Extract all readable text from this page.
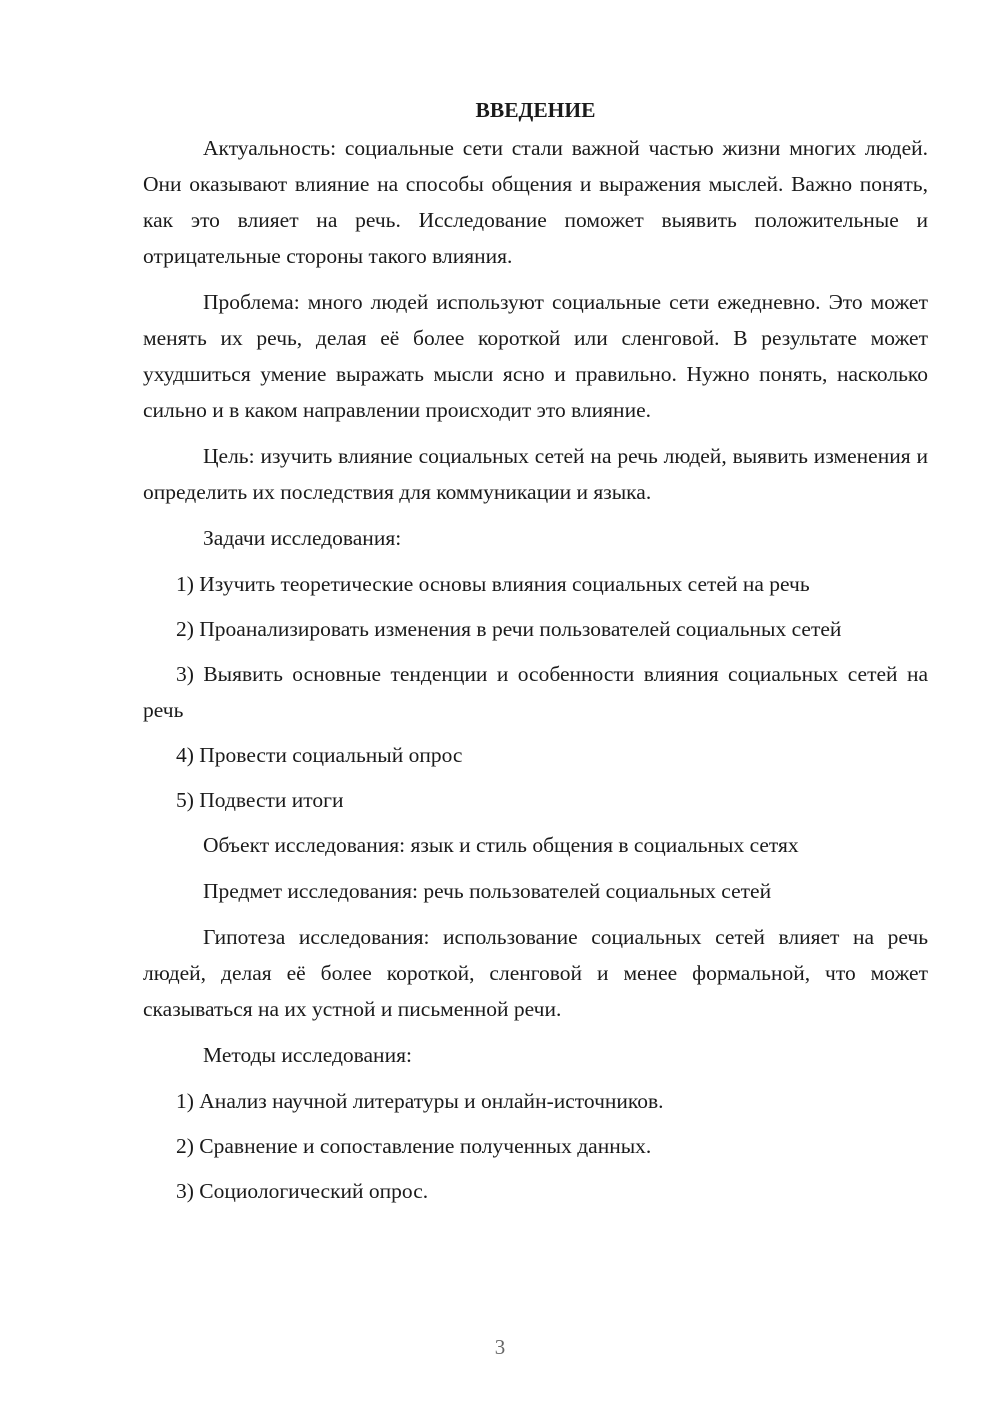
ВВЕДЕНИЕ

Актуальность: социальные сети стали важной частью жизни многих людей. Они оказывают влияние на способы общения и выражения мыслей. Важно понять, как это влияет на речь. Исследование поможет выявить положительные и отрицательные стороны такого влияния.

Проблема: много людей используют социальные сети ежедневно. Это может менять их речь, делая её более короткой или сленговой. В результате может ухудшиться умение выражать мысли ясно и правильно. Нужно понять, насколько сильно и в каком направлении происходит это влияние.

Цель: изучить влияние социальных сетей на речь людей, выявить изменения и определить их последствия для коммуникации и языка.

Задачи исследования:

1) Изучить теоретические основы влияния социальных сетей на речь

2) Проанализировать изменения в речи пользователей социальных сетей

3) Выявить основные тенденции и особенности влияния социальных сетей на речь

4) Провести социальный опрос

5) Подвести итоги

Объект исследования: язык и стиль общения в социальных сетях

Предмет исследования: речь пользователей социальных сетей

Гипотеза исследования: использование социальных сетей влияет на речь людей, делая её более короткой, сленговой и менее формальной, что может сказываться на их устной и письменной речи.

Методы исследования:

1) Анализ научной литературы и онлайн-источников.

2) Сравнение и сопоставление полученных данных.

3) Социологический опрос.

3
